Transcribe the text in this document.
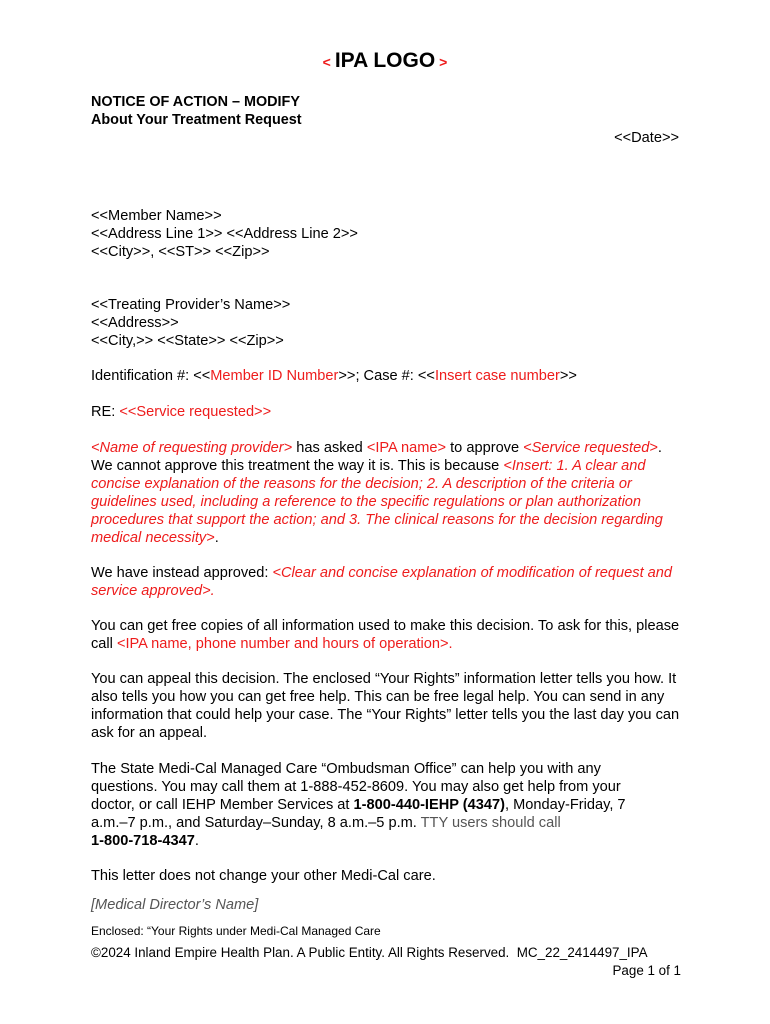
< IPA LOGO >
NOTICE OF ACTION – MODIFY
About Your Treatment Request
<<Date>>

<<Member Name>>

<<Address Line 1>> <<Address Line 2>>

<<City>>, <<ST>> <<Zip>>

<<Treating Provider’s Name>>

<<Address>>

<<City,>> <<State>> <<Zip>>

Identification #: <<Member ID Number>>; Case #: <<Insert case number>>

RE: <<Service requested>>

<Name of requesting provider> has asked <IPA name> to approve <Service requested>. We cannot approve this treatment the way it is. This is because <Insert: 1. A clear and concise explanation of the reasons for the decision; 2. A description of the criteria or guidelines used, including a reference to the specific regulations or plan authorization procedures that support the action; and 3. The clinical reasons for the decision regarding medical necessity>.

We have instead approved: <Clear and concise explanation of modification of request and service approved>.

You can get free copies of all information used to make this decision. To ask for this, please call <IPA name, phone number and hours of operation>.

You can appeal this decision. The enclosed “Your Rights” information letter tells you how. It also tells you how you can get free help. This can be free legal help. You can send in any information that could help your case. The “Your Rights” letter tells you the last day you can ask for an appeal.

The State Medi-Cal Managed Care “Ombudsman Office” can help you with any questions. You may call them at 1-888-452-8609. You may also get help from your doctor, or call IEHP Member Services at 1-800-440-IEHP (4347), Monday-Friday, 7 a.m.–7 p.m., and Saturday–Sunday, 8 a.m.–5 p.m. TTY users should call
1-800-718-4347.

This letter does not change your other Medi-Cal care.

[Medical Director’s Name]

Enclosed: “Your Rights under Medi-Cal Managed Care

©2024 Inland Empire Health Plan. A Public Entity. All Rights Reserved. MC_22_2414497_IPA

Page 1 of 1
